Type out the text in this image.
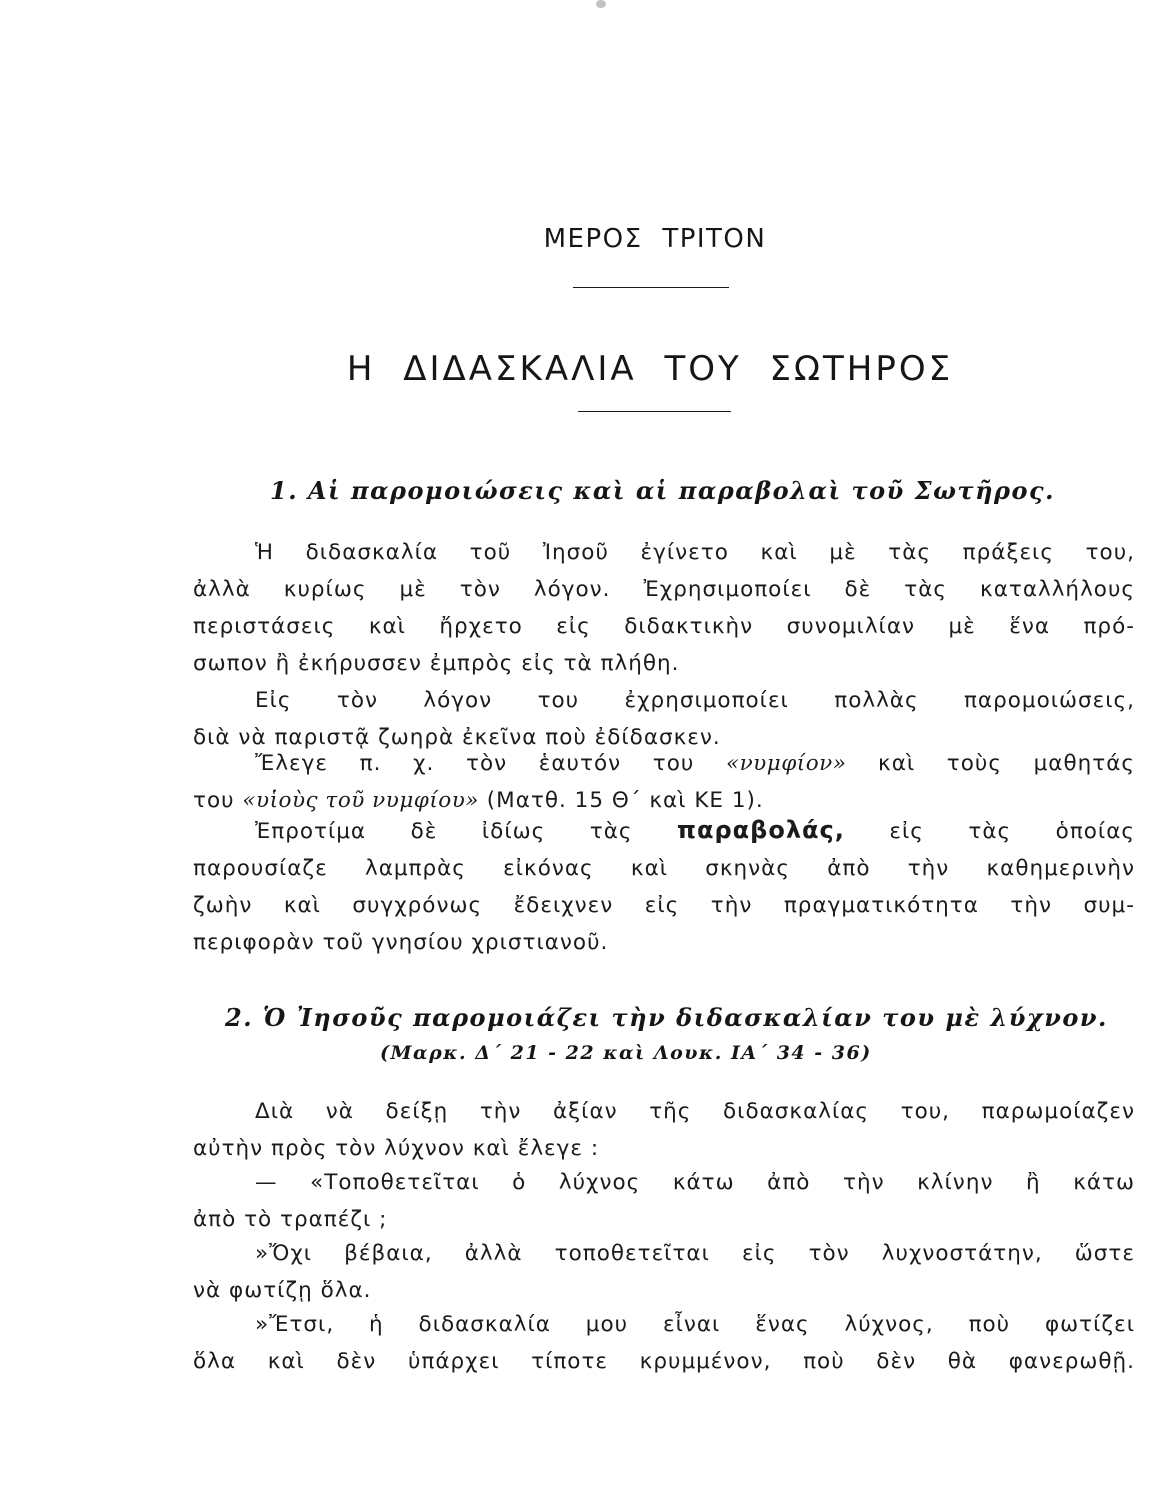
ΜΕΡΟΣ ΤΡΙΤΟΝ
Η ΔΙΔΑΣΚΑΛΙΑ ΤΟΥ ΣΩΤΗΡΟΣ
1. Αἱ παρομοιώσεις καὶ αἱ παραβολαὶ τοῦ Σωτῆρος.
Ἡ διδασκαλία τοῦ Ἰησοῦ ἐγίνετο καὶ μὲ τὰς πράξεις του,
ἀλλὰ κυρίως μὲ τὸν λόγον. Ἐχρησιμοποίει δὲ τὰς καταλλήλους
περιστάσεις καὶ ἤρχετο εἰς διδακτικὴν συνομιλίαν μὲ ἕνα πρό-
σωπον ἢ ἐκήρυσσεν ἐμπρὸς εἰς τὰ πλήθη.
Εἰς τὸν λόγον του ἐχρησιμοποίει πολλὰς παρομοιώσεις,
διὰ νὰ παριστᾷ ζωηρὰ ἐκεῖνα ποὺ ἐδίδασκεν.
Ἔλεγε π. χ. τὸν ἑαυτόν του «νυμφίον» καὶ τοὺς μαθητάς
του «υἱοὺς τοῦ νυμφίου» (Ματθ. 15 Θ΄ καὶ ΚΕ 1).
Ἐπροτίμα δὲ ἰδίως τὰς παραβολάς, εἰς τὰς ὁποίας
παρουσίαζε λαμπρὰς εἰκόνας καὶ σκηνὰς ἀπὸ τὴν καθημερινὴν
ζωὴν καὶ συγχρόνως ἔδειχνεν εἰς τὴν πραγματικότητα τὴν συμ-
περιφορὰν τοῦ γνησίου χριστιανοῦ.
2. Ὁ Ἰησοῦς παρομοιάζει τὴν διδασκαλίαν του μὲ λύχνον.
(Μαρκ. Δ΄ 21 - 22 καὶ Λουκ. ΙΑ΄ 34 - 36)
Διὰ νὰ δείξῃ τὴν ἀξίαν τῆς διδασκαλίας του, παρωμοίαζεν
αὐτὴν πρὸς τὸν λύχνον καὶ ἔλεγε :
— «Τοποθετεῖται ὁ λύχνος κάτω ἀπὸ τὴν κλίνην ἢ κάτω
ἀπὸ τὸ τραπέζι ;
»Ὄχι βέβαια, ἀλλὰ τοποθετεῖται εἰς τὸν λυχνοστάτην, ὥστε
νὰ φωτίζῃ ὅλα.
»Ἔτσι, ἡ διδασκαλία μου εἶναι ἕνας λύχνος, ποὺ φωτίζει
ὅλα καὶ δὲν ὑπάρχει τίποτε κρυμμένον, ποὺ δὲν θὰ φανερωθῇ.
